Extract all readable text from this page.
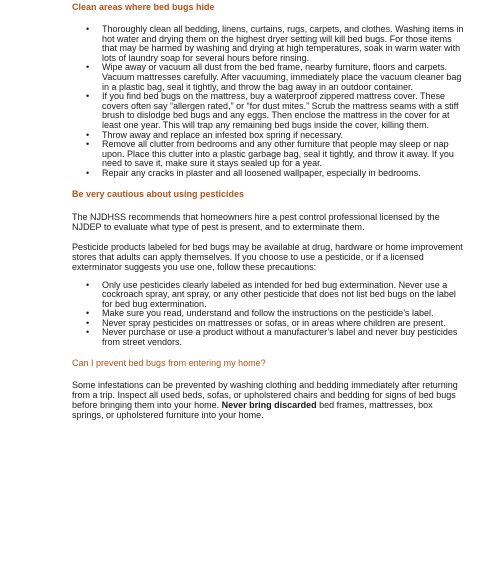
Clean areas where bed bugs hide
• Thoroughly clean all bedding, linens, curtains, rugs, carpets, and clothes. Washing items in hot water and drying them on the highest dryer setting will kill bed bugs. For those items that may be harmed by washing and drying at high temperatures, soak in warm water with lots of laundry soap for several hours before rinsing.
• Wipe away or vacuum all dust from the bed frame, nearby furniture, floors and carpets. Vacuum mattresses carefully. After vacuuming, immediately place the vacuum cleaner bag in a plastic bag, seal it tightly, and throw the bag away in an outdoor container.
• If you find bed bugs on the mattress, buy a waterproof zippered mattress cover. These covers often say “allergen rated,” or “for dust mites.” Scrub the mattress seams with a stiff brush to dislodge bed bugs and any eggs. Then enclose the mattress in the cover for at least one year. This will trap any remaining bed bugs inside the cover, killing them.
• Throw away and replace an infested box spring if necessary.
• Remove all clutter from bedrooms and any other furniture that people may sleep or nap upon. Place this clutter into a plastic garbage bag, seal it tightly, and throw it away. If you need to save it, make sure it stays sealed up for a year.
• Repair any cracks in plaster and all loosened wallpaper, especially in bedrooms.
Be very cautious about using pesticides

The NJDHSS recommends that homeowners hire a pest control professional licensed by the NJDEP to evaluate what type of pest is present, and to exterminate them.

Pesticide products labeled for bed bugs may be available at drug, hardware or home improvement stores that adults can apply themselves. If you choose to use a pesticide, or if a licensed exterminator suggests you use one, follow these precautions:

• Only use pesticides clearly labeled as intended for bed bug extermination. Never use a cockroach spray, ant spray, or any other pesticide that does not list bed bugs on the label for bed bug extermination.
• Make sure you read, understand and follow the instructions on the pesticide’s label.
• Never spray pesticides on mattresses or sofas, or in areas where children are present.
• Never purchase or use a product without a manufacturer’s label and never buy pesticides from street vendors.
Can I prevent bed bugs from entering my home?

Some infestations can be prevented by washing clothing and bedding immediately after returning from a trip. Inspect all used beds, sofas, or upholstered chairs and bedding for signs of bed bugs before bringing them into your home. Never bring discarded bed frames, mattresses, box springs, or upholstered furniture into your home.
